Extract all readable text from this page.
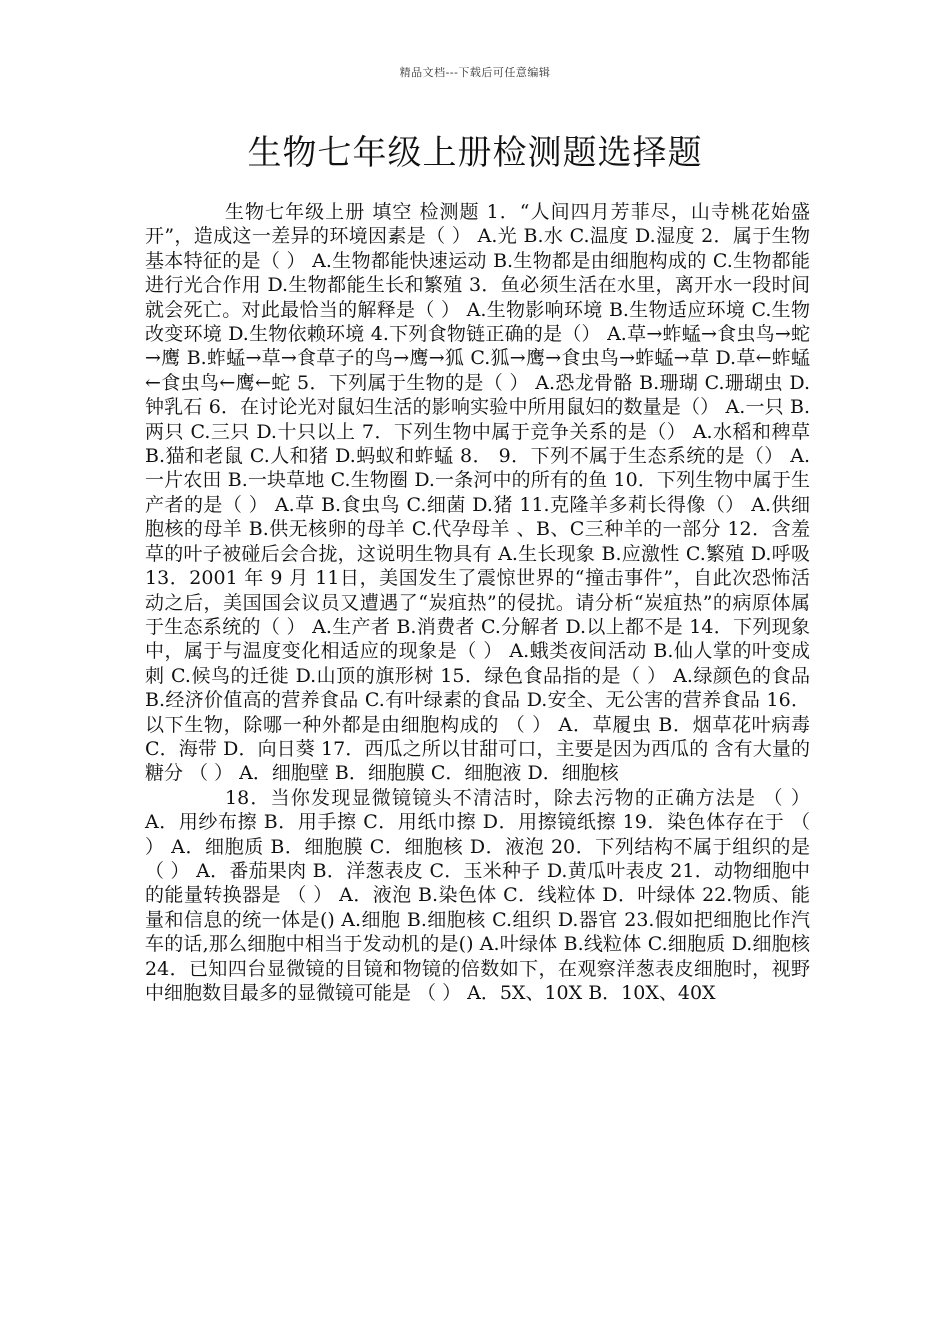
精品文档---下载后可任意编辑
生物七年级上册检测题选择题

生物七年级上册 填空 检测题 1．“人间四月芳菲尽，山寺桃花始盛开”，造成这一差异的环境因素是（ ） A.光 B.水 C.温度 D.湿度 2．属于生物基本特征的是（ ） A.生物都能快速运动 B.生物都是由细胞构成的 C.生物都能进行光合作用 D.生物都能生长和繁殖 3．鱼必须生活在水里，离开水一段时间就会死亡。对此最恰当的解释是（ ） A.生物影响环境 B.生物适应环境 C.生物改变环境 D.生物依赖环境 4.下列食物链正确的是（） A.草→蚱蜢→食虫鸟→蛇→鹰 B.蚱蜢→草→食草子的鸟→鹰→狐 C.狐→鹰→食虫鸟→蚱蜢→草 D.草←蚱蜢←食虫鸟←鹰←蛇 5．下列属于生物的是（ ） A.恐龙骨骼 B.珊瑚 C.珊瑚虫 D.钟乳石 6．在讨论光对鼠妇生活的影响实验中所用鼠妇的数量是（） A.一只 B.两只 C.三只 D.十只以上 7．下列生物中属于竞争关系的是（） A.水稻和稗草 B.猫和老鼠 C.人和猪 D.蚂蚁和蚱蜢 8． 9．下列不属于生态系统的是（） A.一片农田 B.一块草地 C.生物圈 D.一条河中的所有的鱼 10．下列生物中属于生产者的是（ ） A.草 B.食虫鸟 C.细菌 D.猪 11.克隆羊多莉长得像（） A.供细胞核的母羊 B.供无核卵的母羊 C.代孕母羊 、B、C三种羊的一部分 12．含羞草的叶子被碰后会合拢，这说明生物具有 A.生长现象 B.应激性 C.繁殖 D.呼吸 13．2001 年 9 月 11日，美国发生了震惊世界的“撞击事件”，自此次恐怖活动之后，美国国会议员又遭遇了“炭疽热”的侵扰。请分析“炭疽热”的病原体属于生态系统的（ ） A.生产者 B.消费者 C.分解者 D.以上都不是 14．下列现象中，属于与温度变化相适应的现象是（ ） A.蛾类夜间活动 B.仙人掌的叶变成刺 C.候鸟的迁徙 D.山顶的旗形树 15．绿色食品指的是（ ） A.绿颜色的食品 B.经济价值高的营养食品 C.有叶绿素的食品 D.安全、无公害的营养食品 16．以下生物，除哪一种外都是由细胞构成的 （ ） A．草履虫 B．烟草花叶病毒 C．海带 D．向日葵 17．西瓜之所以甘甜可口，主要是因为西瓜的 含有大量的糖分 （ ） A．细胞壁 B．细胞膜 C．细胞液 D．细胞核

18．当你发现显微镜镜头不清洁时，除去污物的正确方法是 （ ） A．用纱布擦 B．用手擦 C．用纸巾擦 D．用擦镜纸擦 19．染色体存在于 （ ） A．细胞质 B．细胞膜 C．细胞核 D．液泡 20．下列结构不属于组织的是 （ ） A．番茄果肉 B．洋葱表皮 C．玉米种子 D.黄瓜叶表皮 21．动物细胞中的能量转换器是 （ ） A．液泡 B.染色体 C．线粒体 D．叶绿体 22.物质、能量和信息的统一体是() A.细胞 B.细胞核 C.组织 D.器官 23.假如把细胞比作汽车的话,那么细胞中相当于发动机的是() A.叶绿体 B.线粒体 C.细胞质 D.细胞核 24．已知四台显微镜的目镜和物镜的倍数如下，在观察洋葱表皮细胞时，视野中细胞数目最多的显微镜可能是 （ ） A．5X、10X B．10X、40X
